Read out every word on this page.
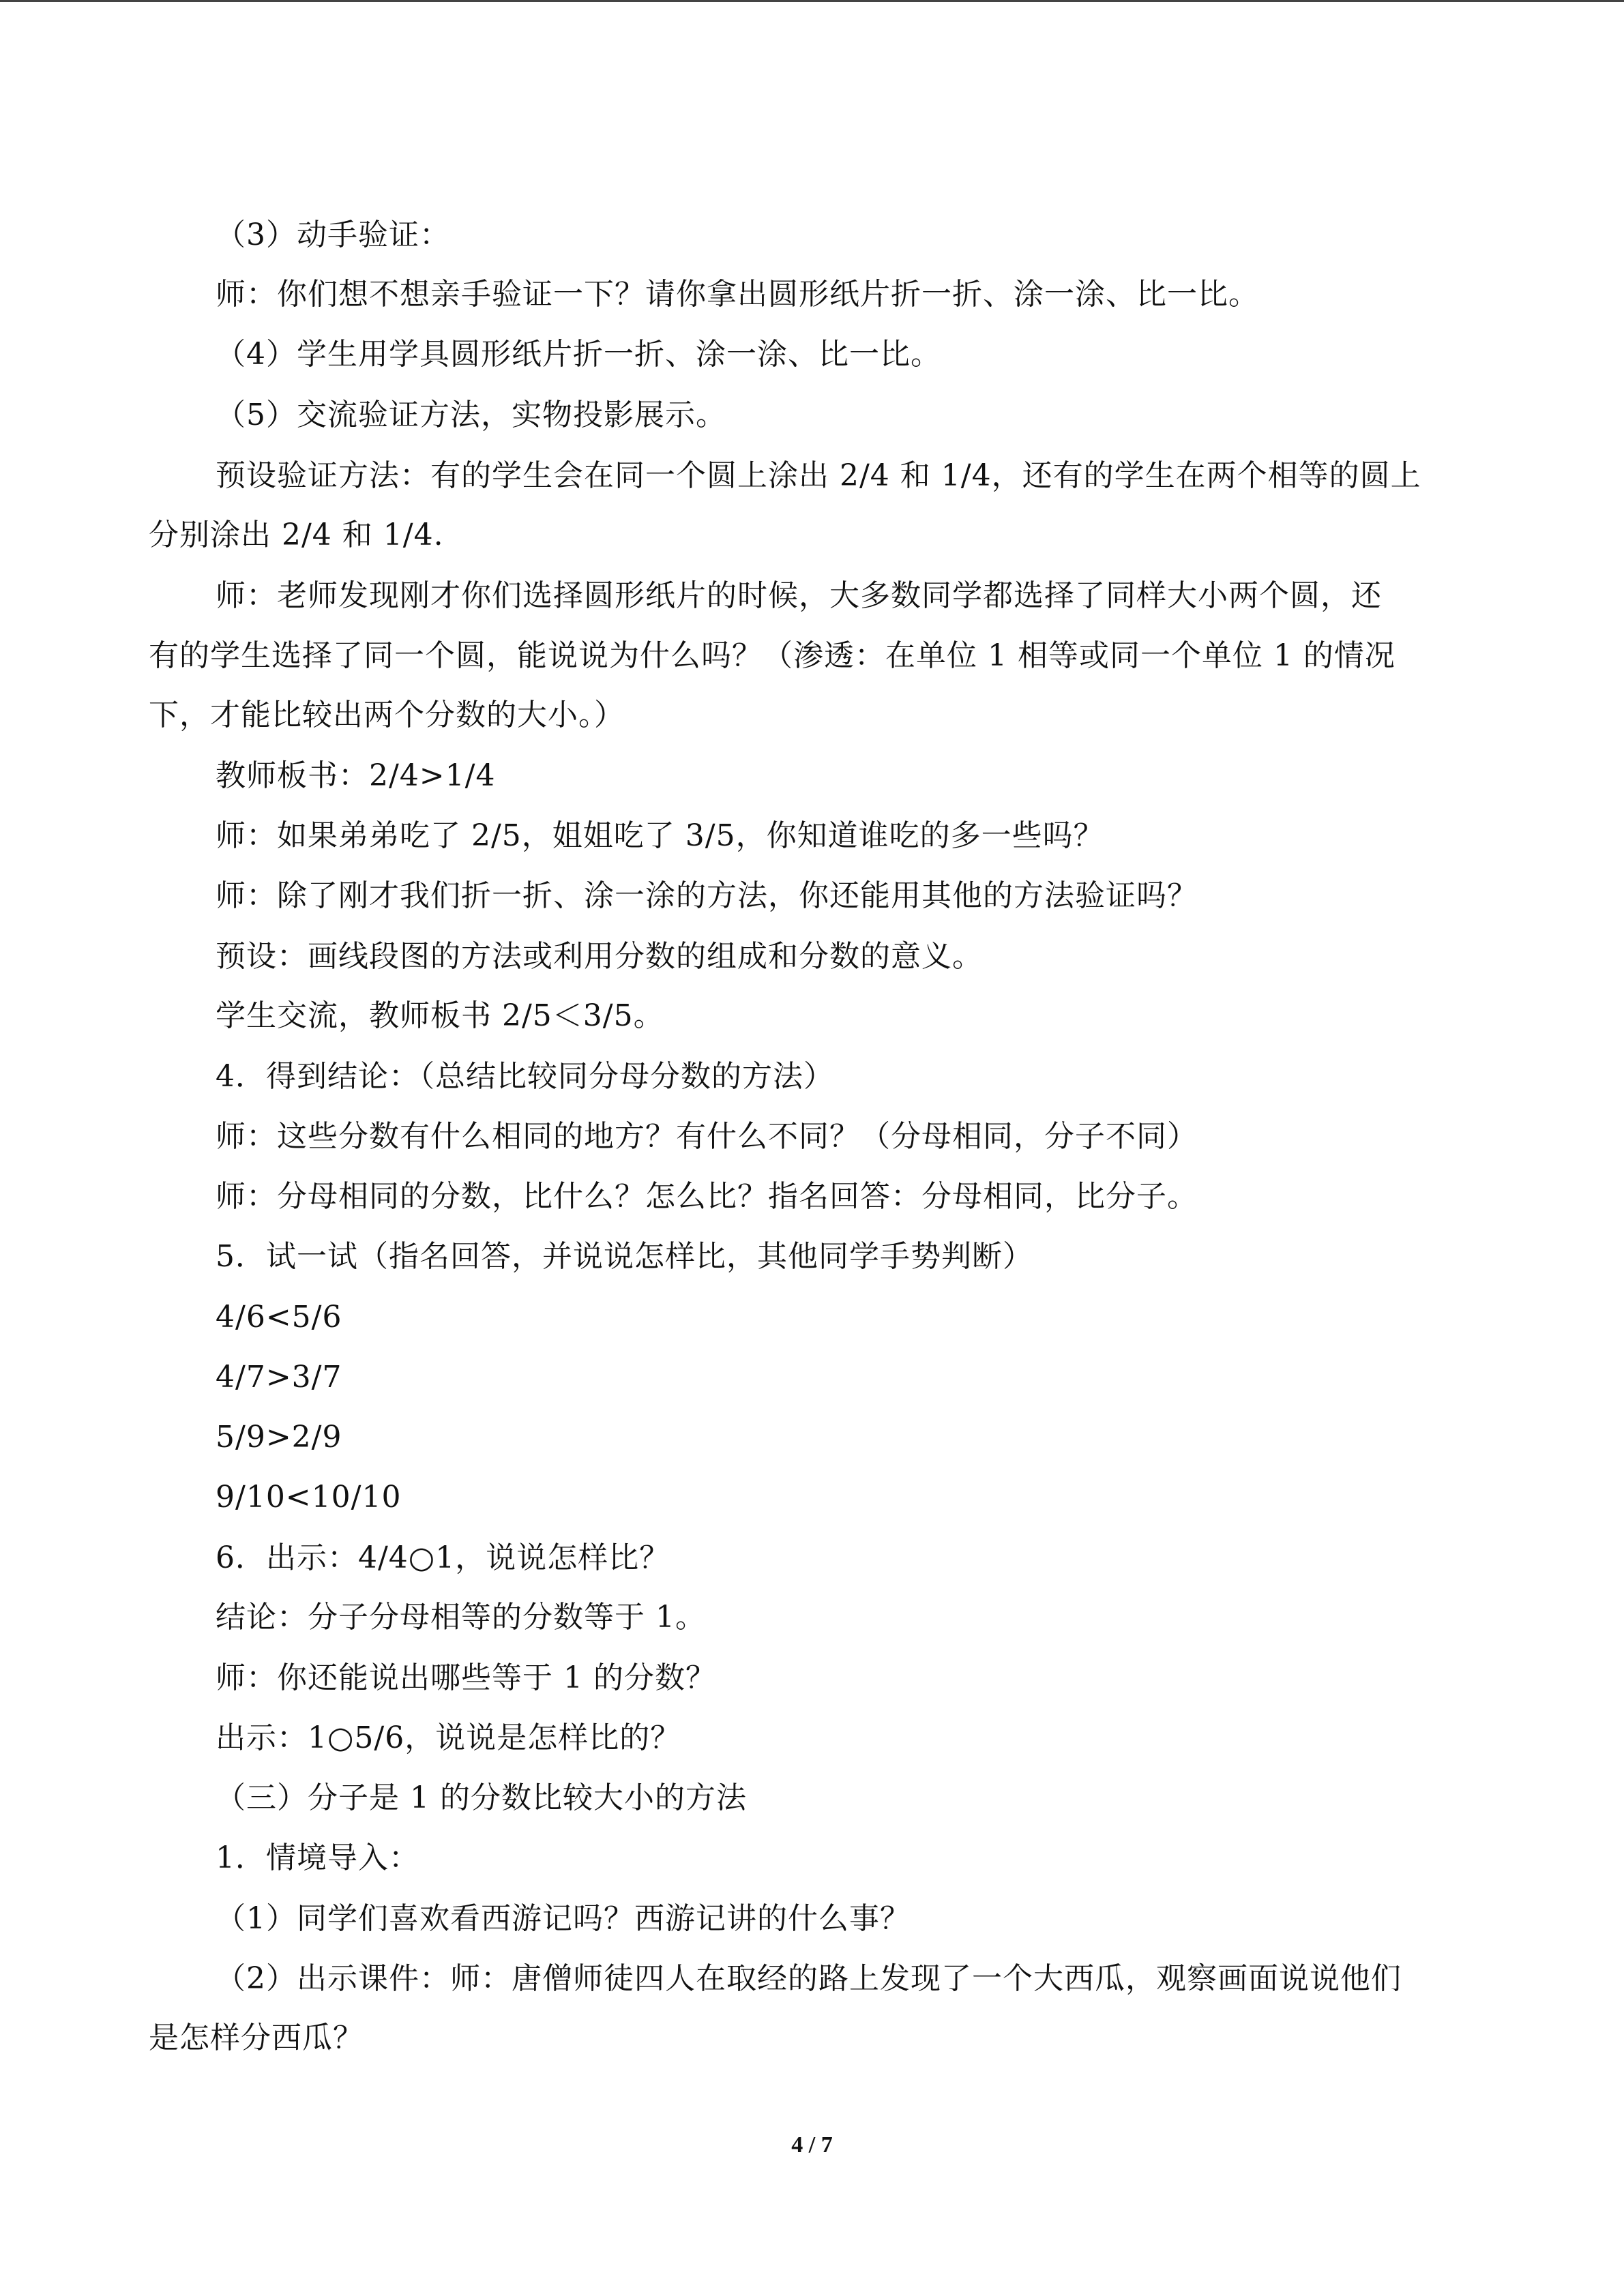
（3）动手验证：
师：你们想不想亲手验证一下？请你拿出圆形纸片折一折、涂一涂、比一比。
（4）学生用学具圆形纸片折一折、涂一涂、比一比。
（5）交流验证方法，实物投影展示。
预设验证方法：有的学生会在同一个圆上涂出 2/4 和 1/4，还有的学生在两个相等的圆上
分别涂出 2/4 和 1/4.
师：老师发现刚才你们选择圆形纸片的时候，大多数同学都选择了同样大小两个圆，还
有的学生选择了同一个圆，能说说为什么吗？（渗透：在单位 1 相等或同一个单位 1 的情况
下，才能比较出两个分数的大小。）
教师板书：2/4>1/4
师：如果弟弟吃了 2/5，姐姐吃了 3/5，你知道谁吃的多一些吗？
师：除了刚才我们折一折、涂一涂的方法，你还能用其他的方法验证吗？
预设：画线段图的方法或利用分数的组成和分数的意义。
学生交流，教师板书 2/5＜3/5。
4．得到结论：（总结比较同分母分数的方法）
师：这些分数有什么相同的地方？有什么不同？（分母相同，分子不同）
师：分母相同的分数，比什么？怎么比？指名回答：分母相同，比分子。
5．试一试（指名回答，并说说怎样比，其他同学手势判断）
4/6<5/6
4/7>3/7
5/9>2/9
9/10<10/10
6．出示：4/4○1，说说怎样比？
结论：分子分母相等的分数等于 1。
师：你还能说出哪些等于 1 的分数？
出示：1○5/6，说说是怎样比的？
（三）分子是 1 的分数比较大小的方法
1．情境导入：
（1）同学们喜欢看西游记吗？西游记讲的什么事？
（2）出示课件：师：唐僧师徒四人在取经的路上发现了一个大西瓜，观察画面说说他们
是怎样分西瓜？
4 / 7
